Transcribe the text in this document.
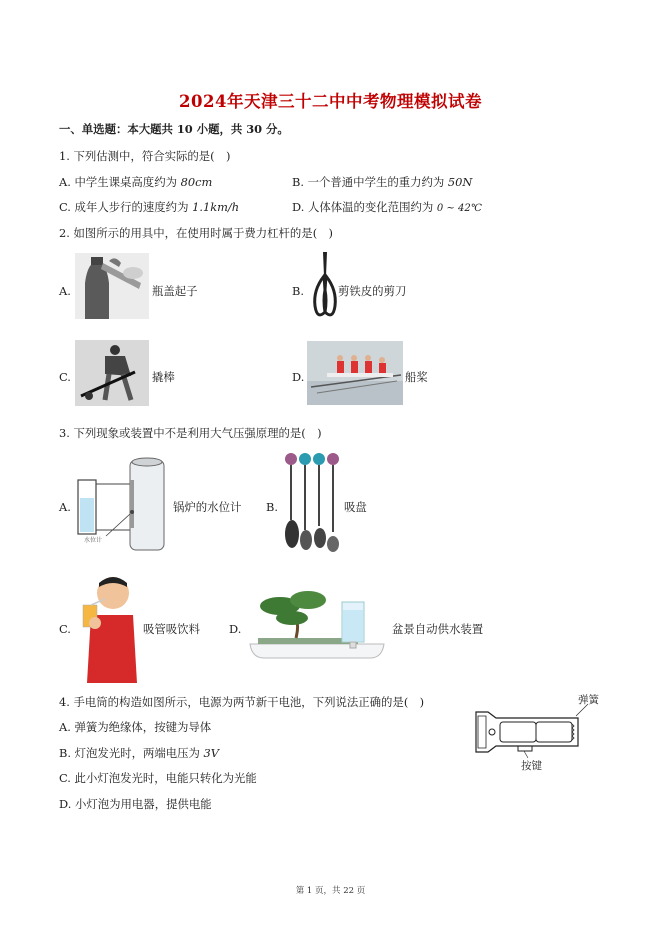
2024年天津三十二中中考物理模拟试卷
一、单选题：本大题共 10 小题，共 30 分。
1. 下列估测中，符合实际的是(　)
A. 中学生课桌高度约为 80cm	B. 一个普通中学生的重力约为 50N
C. 成年人步行的速度约为 1.1km/h	D. 人体体温的变化范围约为 0 ~ 42℃
2. 如图所示的用具中，在使用时属于费力杠杆的是(　)
A.	瓶盖起子	B.	剪铁皮的剪刀
C.	撬棒	D.	船桨
3. 下列现象或装置中不是利用大气压强原理的是(　)
A.
水位计
锅炉的水位计 B.	吸盘
C.	吸管吸饮料	D.	盆景自动供水装置
4. 手电筒的构造如图所示，电源为两节新干电池，下列说法正确的是(　)
A. 弹簧为绝缘体，按键为导体
B. 灯泡发光时，两端电压为 3V
C. 此小灯泡发光时，电能只转化为光能
D. 小灯泡为用电器，提供电能
弹簧
按键
第 1 页，共 22 页
